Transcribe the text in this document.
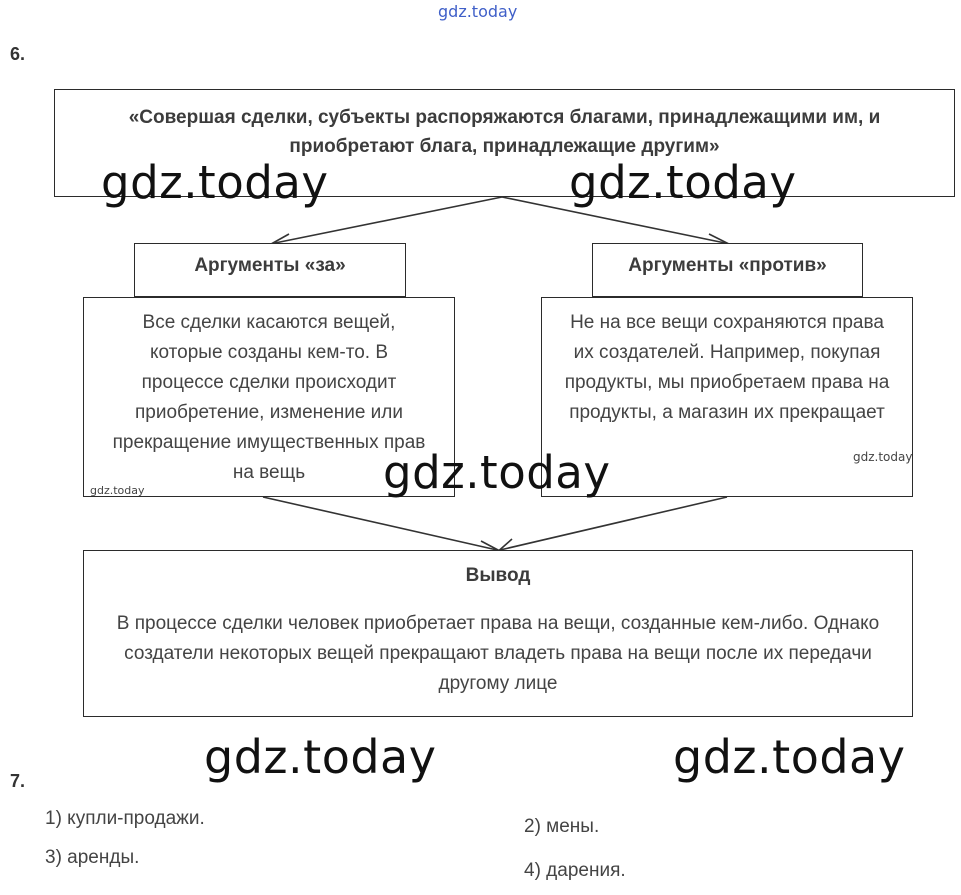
gdz.today
6.
«Совершая сделки, субъекты распоряжаются благами, принадлежащими им, и приобретают блага, принадлежащие другим»
Аргументы «за»
Все сделки касаются вещей, которые созданы кем-то. В процессе сделки происходит приобретение, изменение или прекращение имущественных прав на вещь
Аргументы «против»
Не на все вещи сохраняются права их создателей. Например, покупая продукты, мы приобретаем права на продукты, а магазин их прекращает
Вывод
В процессе сделки человек приобретает права на вещи, созданные кем-либо. Однако создатели некоторых вещей прекращают владеть права на вещи после их передачи другому лице
gdz.today	gdz.today
gdz.today
gdz.today	gdz.today
gdz.today
gdz.today
7.
1) купли-продажи.	2) мены.
3) аренды.
4) дарения.
